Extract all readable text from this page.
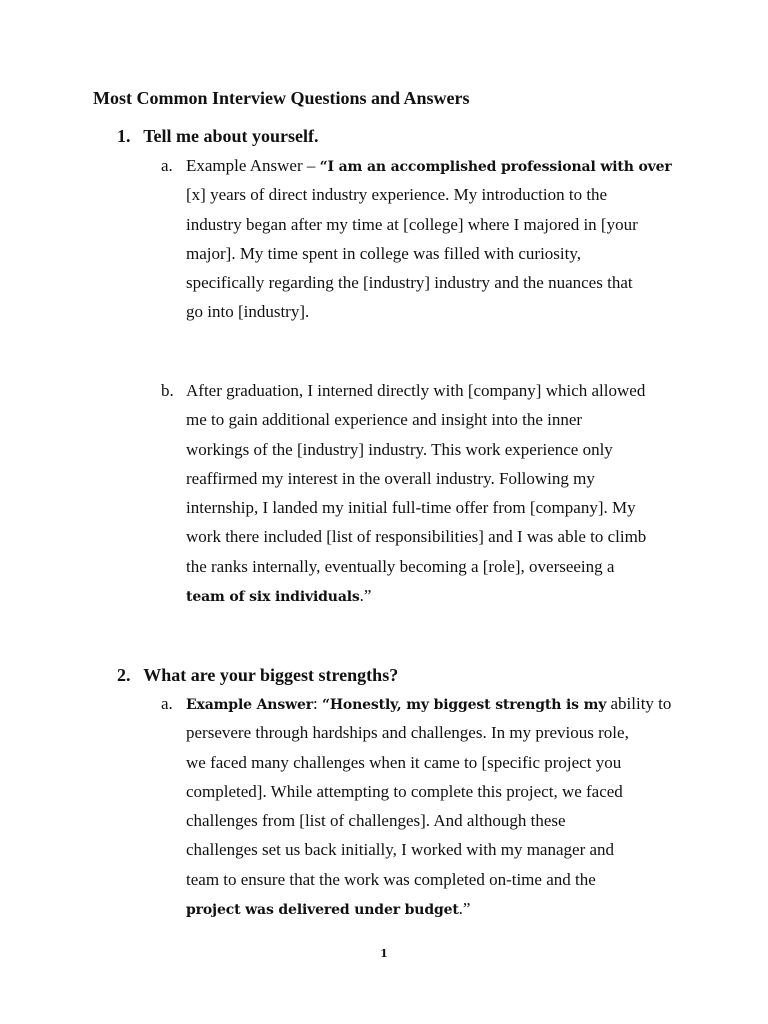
Most Common Interview Questions and Answers
1. Tell me about yourself.
a. Example Answer – “I am an accomplished professional with over
[x] years of direct industry experience. My introduction to the
industry began after my time at [college] where I majored in [your
major]. My time spent in college was filled with curiosity,
specifically regarding the [industry] industry and the nuances that
go into [industry].
b. After graduation, I interned directly with [company] which allowed
me to gain additional experience and insight into the inner
workings of the [industry] industry. This work experience only
reaffirmed my interest in the overall industry. Following my
internship, I landed my initial full-time offer from [company]. My
work there included [list of responsibilities] and I was able to climb
the ranks internally, eventually becoming a [role], overseeing a
team of six individuals.”
2. What are your biggest strengths?
a. Example Answer: “Honestly, my biggest strength is my ability to
persevere through hardships and challenges. In my previous role,
we faced many challenges when it came to [specific project you
completed]. While attempting to complete this project, we faced
challenges from [list of challenges]. And although these
challenges set us back initially, I worked with my manager and
team to ensure that the work was completed on-time and the
project was delivered under budget.”
1
